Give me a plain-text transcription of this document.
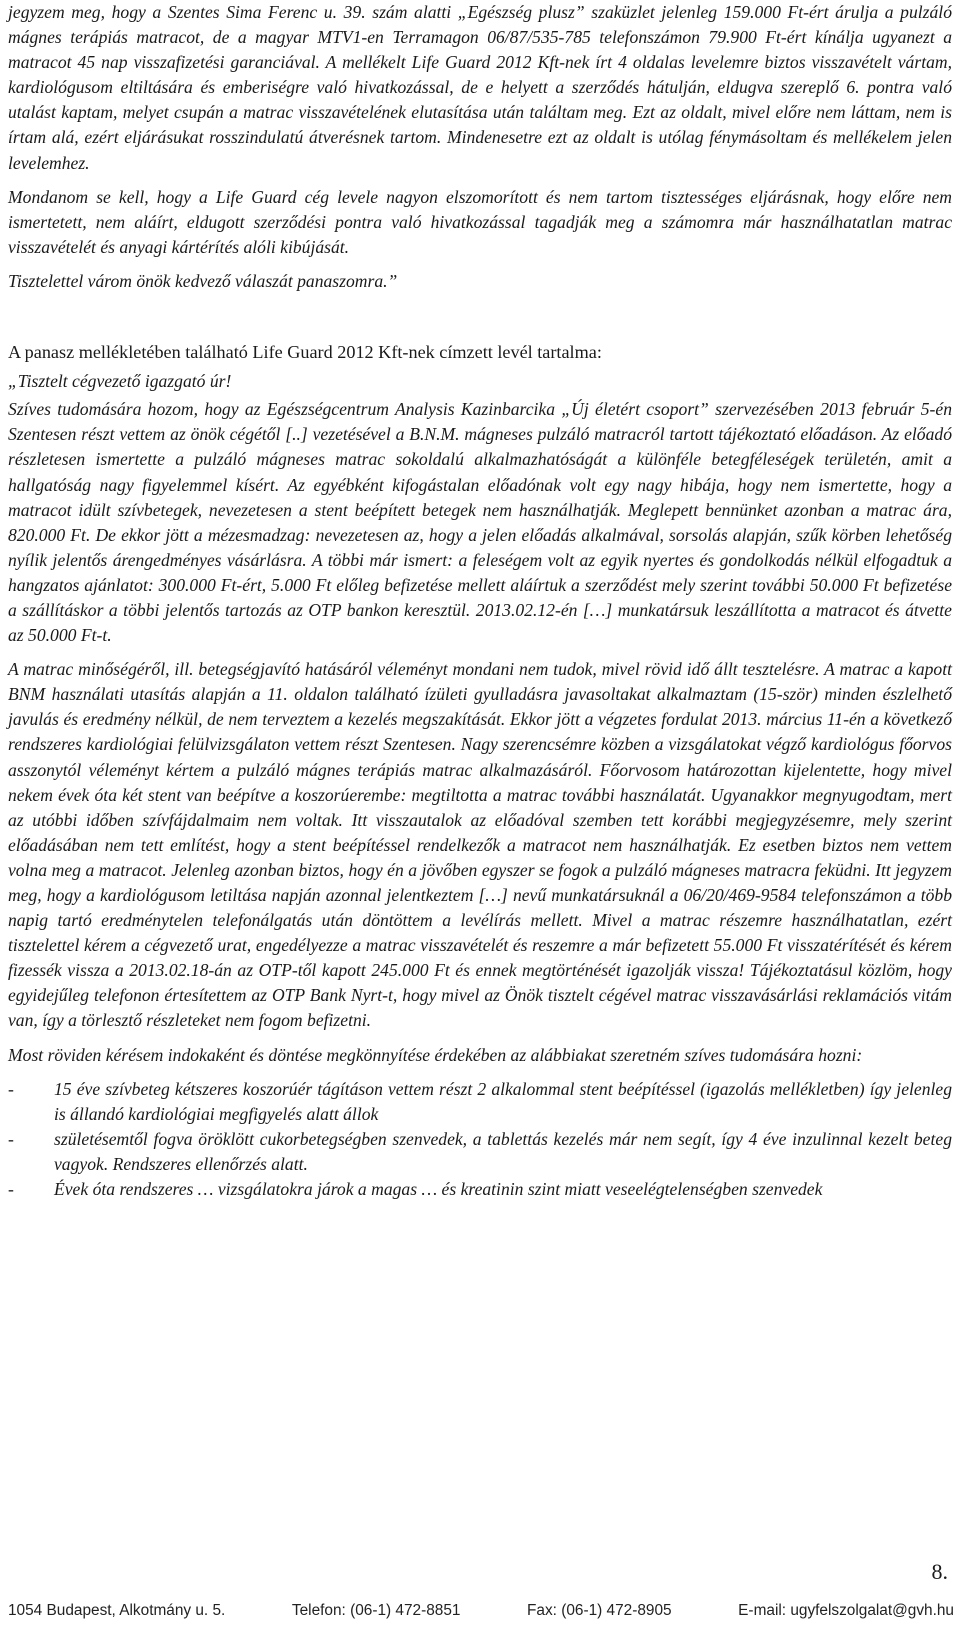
jegyzem meg, hogy a Szentes Sima Ferenc u. 39. szám alatti „Egészség plusz” szaküzlet jelenleg 159.000 Ft-ért árulja a pulzáló mágnes terápiás matracot, de a magyar MTV1-en Terramagon 06/87/535-785 telefonszámon 79.900 Ft-ért kínálja ugyanezt a matracot 45 nap visszafizetési garanciával. A mellékelt Life Guard 2012 Kft-nek írt 4 oldalas levelemre biztos visszavételt vártam, kardiológusom eltiltására és emberiségre való hivatkozással, de e helyett a szerződés hátulján, eldugva szereplő 6. pontra való utalást kaptam, melyet csupán a matrac visszavételének elutasítása után találtam meg. Ezt az oldalt, mivel előre nem láttam, nem is írtam alá, ezért eljárásukat rosszindulatú átverésnek tartom. Mindenesetre ezt az oldalt is utólag fénymásoltam és mellékelem jelen levelemhez.

Mondanom se kell, hogy a Life Guard cég levele nagyon elszomorított és nem tartom tisztességes eljárásnak, hogy előre nem ismertetett, nem aláírt, eldugott szerződési pontra való hivatkozással tagadják meg a számomra már használhatatlan matrac visszavételét és anyagi kártérítés alóli kibújását.

Tisztelettel várom önök kedvező válaszát panaszomra.”

A panasz mellékletében található Life Guard 2012 Kft-nek címzett levél tartalma:

„Tisztelt cégvezető igazgató úr!

Szíves tudomására hozom, hogy az Egészségcentrum Analysis Kazinbarcika „Új életért csoport” szervezésében 2013 február 5-én Szentesen részt vettem az önök cégétől [..] vezetésével a B.N.M. mágneses pulzáló matracról tartott tájékoztató előadáson. Az előadó részletesen ismertette a pulzáló mágneses matrac sokoldalú alkalmazhatóságát a különféle betegféleségek területén, amit a hallgatóság nagy figyelemmel kísért. Az egyébként kifogástalan előadónak volt egy nagy hibája, hogy nem ismertette, hogy a matracot idült szívbetegek, nevezetesen a stent beépített betegek nem használhatják. Meglepett bennünket azonban a matrac ára, 820.000 Ft. De ekkor jött a mézesmadzag: nevezetesen az, hogy a jelen előadás alkalmával, sorsolás alapján, szűk körben lehetőség nyílik jelentős árengedményes vásárlásra. A többi már ismert: a feleségem volt az egyik nyertes és gondolkodás nélkül elfogadtuk a hangzatos ajánlatot: 300.000 Ft-ért, 5.000 Ft előleg befizetése mellett aláírtuk a szerződést mely szerint további 50.000 Ft befizetése a szállításkor a többi jelentős tartozás az OTP bankon keresztül. 2013.02.12-én […] munkatársuk leszállította a matracot és átvette az 50.000 Ft-t.

A matrac minőségéről, ill. betegségjavító hatásáról véleményt mondani nem tudok, mivel rövid idő állt tesztelésre. A matrac a kapott BNM használati utasítás alapján a 11. oldalon található ízületi gyulladásra javasoltakat alkalmaztam (15-ször) minden észlelhető javulás és eredmény nélkül, de nem terveztem a kezelés megszakítását. Ekkor jött a végzetes fordulat 2013. március 11-én a következő rendszeres kardiológiai felülvizsgálaton vettem részt Szentesen. Nagy szerencsémre közben a vizsgálatokat végző kardiológus főorvos asszonytól véleményt kértem a pulzáló mágnes terápiás matrac alkalmazásáról. Főorvosom határozottan kijelentette, hogy mivel nekem évek óta két stent van beépítve a koszorúerembe: megtiltotta a matrac további használatát. Ugyanakkor megnyugodtam, mert az utóbbi időben szívfájdalmaim nem voltak. Itt visszautalok az előadóval szemben tett korábbi megjegyzésemre, mely szerint előadásában nem tett említést, hogy a stent beépítéssel rendelkezők a matracot nem használhatják. Ez esetben biztos nem vettem volna meg a matracot. Jelenleg azonban biztos, hogy én a jövőben egyszer se fogok a pulzáló mágneses matracra feküdni. Itt jegyzem meg, hogy a kardiológusom letiltása napján azonnal jelentkeztem […] nevű munkatársuknál a 06/20/469-9584 telefonszámon a több napig tartó eredménytelen telefonálgatás után döntöttem a levélírás mellett. Mivel a matrac részemre használhatatlan, ezért tisztelettel kérem a cégvezető urat, engedélyezze a matrac visszavételét és reszemre a már befizetett 55.000 Ft visszatérítését és kérem fizessék vissza a 2013.02.18-án az OTP-től kapott 245.000 Ft és ennek megtörténését igazolják vissza! Tájékoztatásul közlöm, hogy egyidejűleg telefonon értesítettem az OTP Bank Nyrt-t, hogy mivel az Önök tisztelt cégével matrac visszavásárlási reklamációs vitám van, így a törlesztő részleteket nem fogom befizetni.

Most röviden kérésem indokaként és döntése megkönnyítése érdekében az alábbiakat szeretném szíves tudomására hozni:

- 15 éve szívbeteg kétszeres koszorúér tágításon vettem részt 2 alkalommal stent beépítéssel (igazolás mellékletben) így jelenleg is állandó kardiológiai megfigyelés alatt állok
- születésemtől fogva öröklött cukorbetegségben szenvedek, a tablettás kezelés már nem segít, így 4 éve inzulinnal kezelt beteg vagyok. Rendszeres ellenőrzés alatt.
- Évek óta rendszeres … vizsgálatokra járok a magas … és kreatinin szint miatt veseelégtelenségben szenvedek
8.
1054 Budapest, Alkotmány u. 5.	Telefon: (06-1) 472-8851	Fax: (06-1) 472-8905	E-mail: ugyfelszolgalat@gvh.hu
